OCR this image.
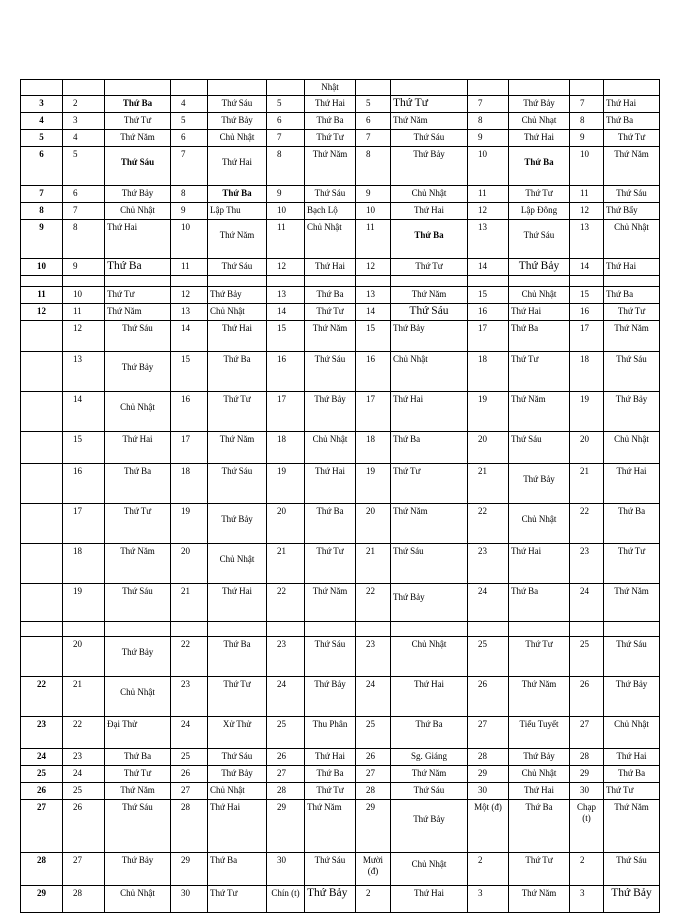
						Nhật							
3	2	Thứ Ba	4	Thứ Sáu	5	Thứ Hai	5	Thứ Tư	7	Thứ Bảy	7	Thứ Hai	
4	3	Thứ Tư	5	Thứ Bảy	6	Thứ Ba	6	Thứ Năm	8	Chủ Nhạt	8	Thứ Ba	
5	4	Thứ Năm	6	Chủ Nhật	7	Thứ Tư	7	Thứ Sáu	9	Thứ Hai	9	Thứ Tư	
6	5	Thứ Sáu	7	Thứ Hai	8	Thứ Năm	8	Thứ Bảy	10	Thứ Ba	10	Thứ Năm	
7	6	Thứ Bảy	8	Thứ Ba	9	Thứ Sáu	9	Chủ Nhật	11	Thứ Tư	11	Thứ Sáu	
8	7	Chủ Nhật	9	Lập Thu	10	Bạch Lộ	10	Thứ Hai	12	Lập Đông	12	Thứ Bẩy	
9	8	Thứ Hai	10	Thứ Năm	11	Chủ Nhật	11	Thứ Ba	13	Thứ Sáu	13	Chủ Nhật	
10	9	Thứ Ba	11	Thứ Sáu	12	Thứ Hai	12	Thứ Tư	14	Thứ Bảy	14	Thứ Hai	

11	10	Thứ Tư	12	Thứ Bảy	13	Thứ Ba	13	Thứ Năm	15	Chủ Nhật	15	Thứ Ba	
12	11	Thứ Năm	13	Chủ Nhật	14	Thứ Tư	14	Thứ Sáu	16	Thứ Hai	16	Thứ Tư	
	12	Thứ Sáu	14	Thứ Hai	15	Thứ Năm	15	Thứ Bảy	17	Thứ Ba	17	Thứ Năm	
	13	Thứ Bảy	15	Thứ Ba	16	Thứ Sáu	16	Chủ Nhật	18	Thứ Tư	18	Thứ Sáu	
	14	Chủ Nhật	16	Thứ Tư	17	Thứ Bảy	17	Thứ Hai	19	Thứ Năm	19	Thứ Bảy	
	15	Thứ Hai	17	Thứ Năm	18	Chủ Nhật	18	Thứ Ba	20	Thứ Sáu	20	Chủ Nhật	
	16	Thứ Ba	18	Thứ Sáu	19	Thứ Hai	19	Thứ Tư	21	Thứ Bảy	21	Thứ Hai	
	17	Thứ Tư	19	Thứ Bảy	20	Thứ Ba	20	Thứ Năm	22	Chủ Nhật	22	Thứ Ba	
	18	Thứ Năm	20	Chủ Nhật	21	Thứ Tư	21	Thứ Sáu	23	Thứ Hai	23	Thứ Tư	
	19	Thứ Sáu	21	Thứ Hai	22	Thứ Năm	22	Thứ Bảy	24	Thứ Ba	24	Thứ Năm	

	20	Thứ Bảy	22	Thứ Ba	23	Thứ Sáu	23	Chủ Nhật	25	Thứ Tư	25	Thứ Sáu	
22	21	Chủ Nhật	23	Thứ Tư	24	Thứ Bảy	24	Thứ Hai	26	Thứ Năm	26	Thứ Bảy	
23	22	Đại Thử	24	Xử Thử	25	Thu Phân	25	Thứ Ba	27	Tiểu Tuyết	27	Chủ Nhật	
24	23	Thứ Ba	25	Thứ Sáu	26	Thứ Hai	26	Sg. Giáng	28	Thứ Bảy	28	Thứ Hai	
25	24	Thứ Tư	26	Thứ Bảy	27	Thứ Ba	27	Thứ Năm	29	Chủ Nhật	29	Thứ Ba	
26	25	Thứ Năm	27	Chủ Nhật	28	Thứ Tư	28	Thứ Sáu	30	Thứ Hai	30	Thứ Tư	
27	26	Thứ Sáu	28	Thứ Hai	29	Thứ Năm	29	Thứ Bảy	Một (đ)	Thứ Ba	Chạp (t)	Thứ Năm	
28	27	Thứ Bảy	29	Thứ Ba	30	Thứ Sáu	Mười (đ)	Chủ Nhật	2	Thứ Tư	2	Thứ Sáu	
29	28	Chủ Nhật	30	Thứ Tư	Chín (t)	Thứ Bảy	2	Thứ Hai	3	Thứ Năm	3	Thứ Bảy	
